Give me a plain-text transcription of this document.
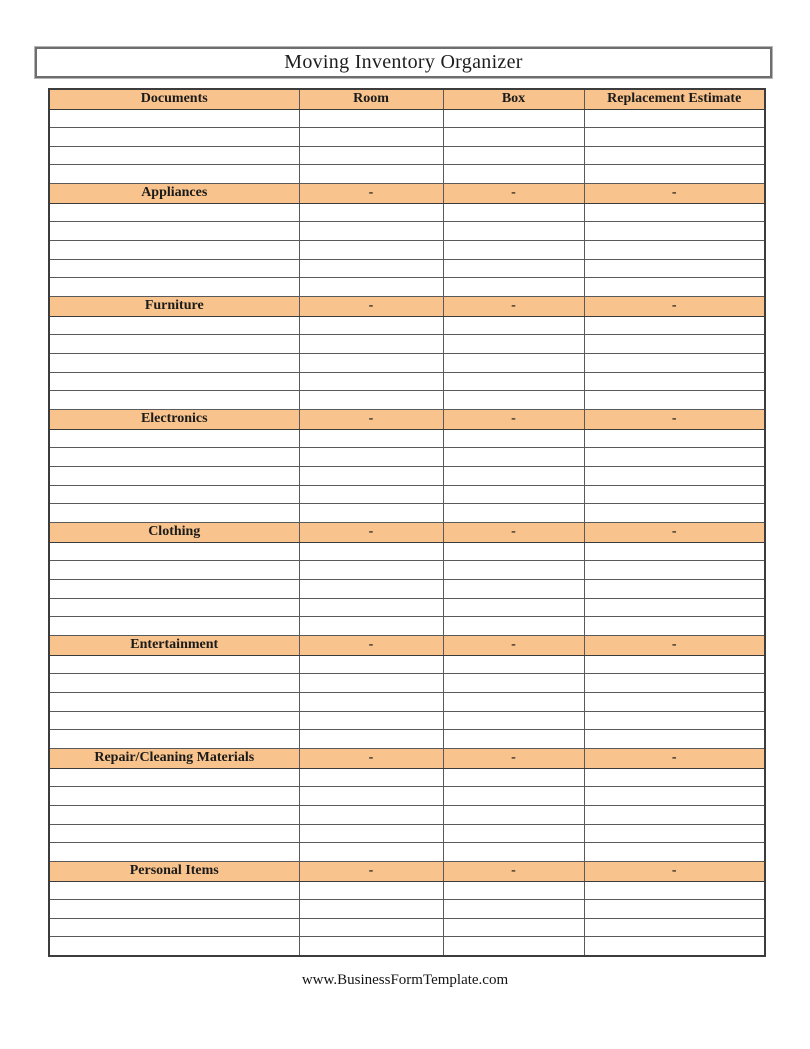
Moving Inventory Organizer
Documents	Room	Box	Replacement Estimate

Appliances	-	-	-

Furniture	-	-	-

Electronics	-	-	-

Clothing	-	-	-

Entertainment	-	-	-

Repair/Cleaning Materials	-	-	-

Personal Items	-	-	-

www.BusinessFormTemplate.com
